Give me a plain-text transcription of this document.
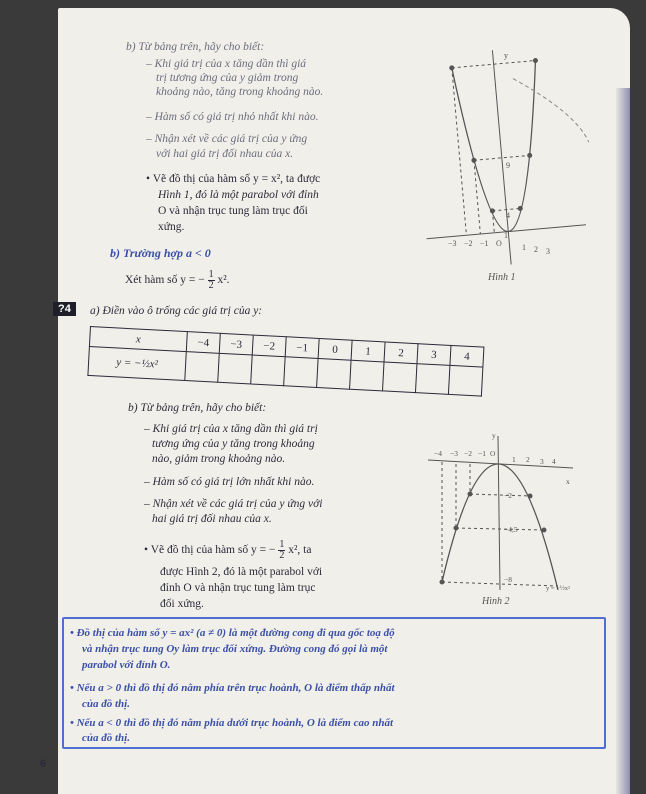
b) Từ bảng trên, hãy cho biết:
– Khi giá trị của x tăng dần thì giá
trị tương ứng của y giảm trong
khoảng nào, tăng trong khoảng nào.
– Hàm số có giá trị nhỏ nhất khi nào.
– Nhận xét về các giá trị của y ứng
với hai giá trị đối nhau của x.
• Vẽ đồ thị của hàm số y = x², ta được
Hình 1, đó là một parabol với đỉnh
O và nhận trục tung làm trục đối
xứng.
b) Trường hợp a < 0
Xét hàm số y = − $\frac{1}{2} x^2$.
?4	a) Điền vào ô trống các giá trị của y:
x	−4	−3	−2	−1	0	1	2	3	4
y = −½x²									
b) Từ bảng trên, hãy cho biết:
– Khi giá trị của x tăng dần thì giá trị
tương ứng của y tăng trong khoảng
nào, giảm trong khoảng nào.
– Hàm số có giá trị lớn nhất khi nào.
– Nhận xét về các giá trị của y ứng với
hai giá trị đối nhau của x.
• Vẽ đồ thị của hàm số y = − $\frac{1}{2} x^2$, ta
được Hình 2, đó là một parabol với
đỉnh O và nhận trục tung làm trục
đối xứng.
y
9
4
1
−3 −2 −1 O	1 2 3
Hình 1
y
x
−2
−4,5
−8
y = −½x²
−4 −3 −2 −1 O
1 2 3 4
Hình 2
• Đồ thị của hàm số y = ax² (a ≠ 0) là một đường cong đi qua gốc toạ độ
và nhận trục tung Oy làm trục đối xứng. Đường cong đó gọi là một
parabol với đỉnh O.
• Nếu a > 0 thì đồ thị đó nằm phía trên trục hoành, O là điểm thấp nhất
của đồ thị.
• Nếu a < 0 thì đồ thị đó nằm phía dưới trục hoành, O là điểm cao nhất
của đồ thị.
6
